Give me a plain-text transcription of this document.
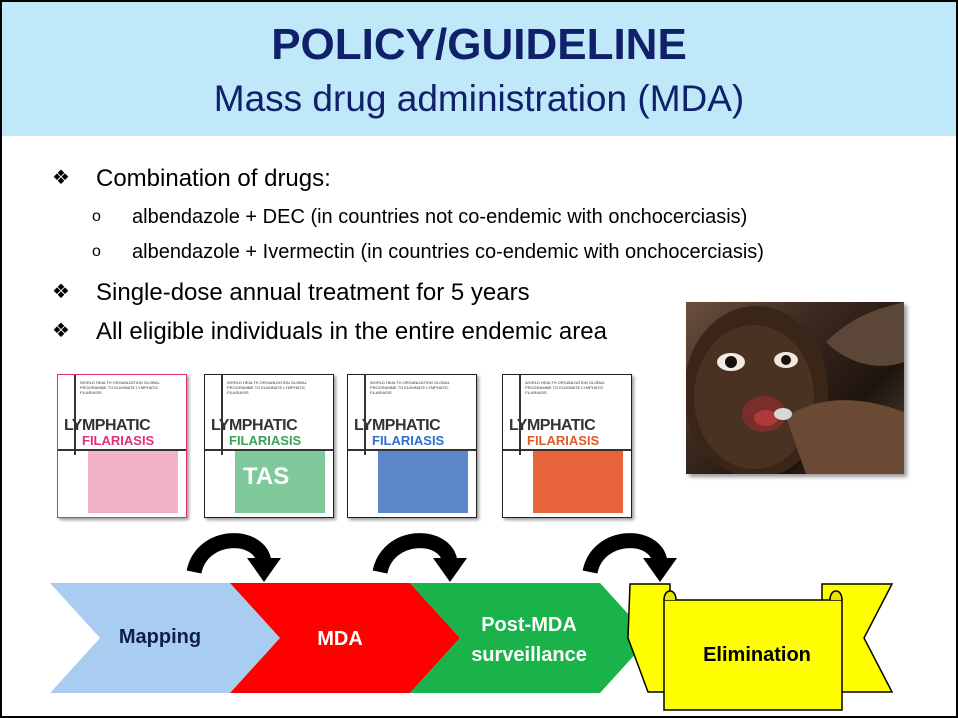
POLICY/GUIDELINE
Mass drug administration (MDA)
❖ Combination of drugs:
o albendazole + DEC (in countries not co-endemic with onchocerciasis)
o albendazole + Ivermectin (in countries co-endemic with onchocerciasis)
❖ Single-dose annual treatment for 5 years
❖ All eligible individuals in the entire endemic area
WORLD HEALTH ORGANIZATION GLOBAL PROGRAMME TO ELIMINATE LYMPHATIC FILARIASIS
LYMPHATIC
FILARIASIS
WORLD HEALTH ORGANIZATION GLOBAL PROGRAMME TO ELIMINATE LYMPHATIC FILARIASIS
LYMPHATIC
FILARIASIS
TAS
WORLD HEALTH ORGANIZATION GLOBAL PROGRAMME TO ELIMINATE LYMPHATIC FILARIASIS
LYMPHATIC
FILARIASIS
WORLD HEALTH ORGANIZATION GLOBAL PROGRAMME TO ELIMINATE LYMPHATIC FILARIASIS
LYMPHATIC
FILARIASIS
Mapping	MDA
Post-MDA
surveillance	Elimination
